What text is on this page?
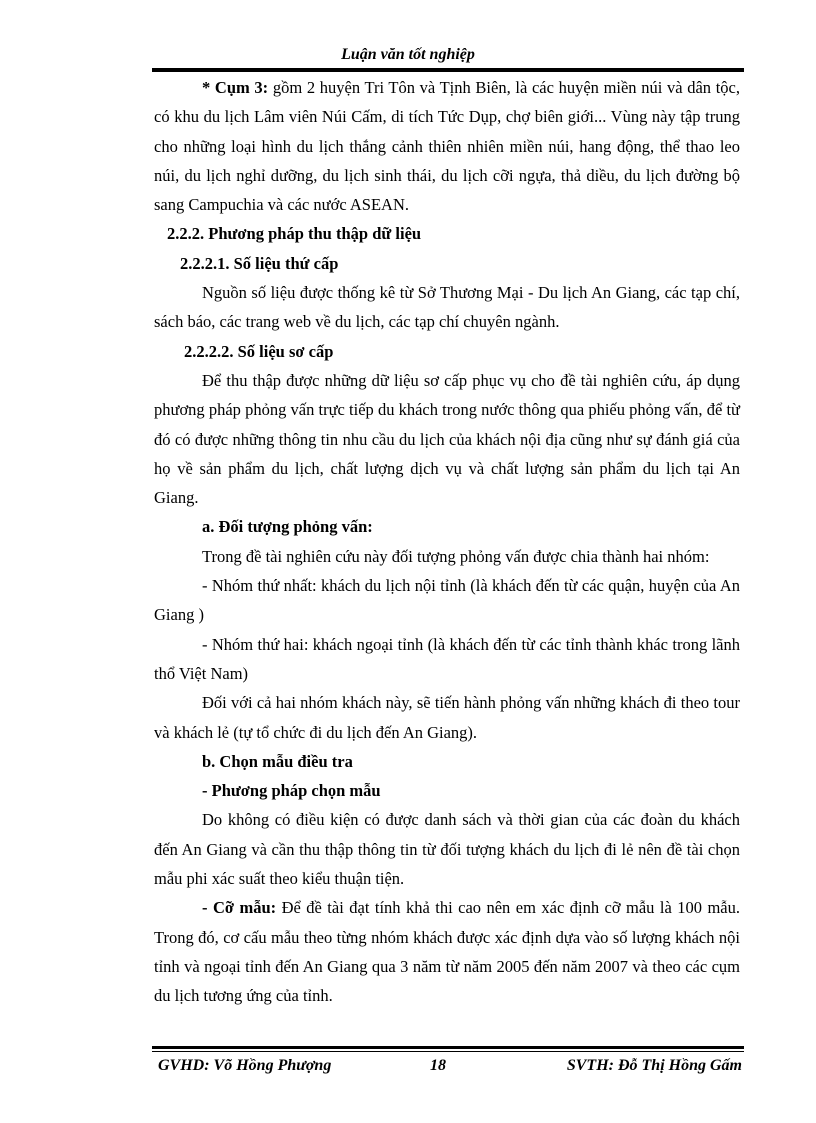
Luận văn tốt nghiệp

* Cụm 3: gồm 2 huyện Tri Tôn và Tịnh Biên, là các huyện miền núi và dân tộc, có khu du lịch Lâm viên Núi Cấm, di tích Tức Dụp, chợ biên giới... Vùng này tập trung cho những loại hình du lịch thắng cảnh thiên nhiên miền núi, hang động, thể thao leo núi, du lịch nghỉ dưỡng, du lịch sinh thái, du lịch cỡi ngựa, thả diều, du lịch đường bộ sang Campuchia và các nước ASEAN.

2.2.2. Phương pháp thu thập dữ liệu

2.2.2.1. Số liệu thứ cấp

Nguồn số liệu được thống kê từ Sở Thương Mại - Du lịch An Giang, các tạp chí, sách báo, các trang web về du lịch, các tạp chí chuyên ngành.

2.2.2.2. Số liệu sơ cấp

Để thu thập được những dữ liệu sơ cấp phục vụ cho đề tài nghiên cứu, áp dụng phương pháp phỏng vấn trực tiếp du khách trong nước thông qua phiếu phỏng vấn, để từ đó có được những thông tin nhu cầu du lịch của khách nội địa cũng như sự đánh giá của họ về sản phẩm du lịch, chất lượng dịch vụ và chất lượng sản phẩm du lịch tại An Giang.

a. Đối tượng phỏng vấn:

Trong đề tài nghiên cứu này đối tượng phỏng vấn được chia thành hai nhóm:

- Nhóm thứ nhất: khách du lịch nội tỉnh (là khách đến từ các quận, huyện của An Giang )

- Nhóm thứ hai: khách ngoại tỉnh (là khách đến từ các tỉnh thành khác trong lãnh thổ Việt Nam)

Đối với cả hai nhóm khách này, sẽ tiến hành phỏng vấn những khách đi theo tour và khách lẻ (tự tổ chức đi du lịch đến An Giang).

b. Chọn mẫu điều tra

- Phương pháp chọn mẫu

Do không có điều kiện có được danh sách và thời gian của các đoàn du khách đến An Giang và cần thu thập thông tin từ đối tượng khách du lịch đi lẻ nên đề tài chọn mẫu phi xác suất theo kiểu thuận tiện.

- Cỡ mẫu: Để đề tài đạt tính khả thi cao nên em xác định cỡ mẫu là 100 mẫu. Trong đó, cơ cấu mẫu theo từng nhóm khách được xác định dựa vào số lượng khách nội tỉnh và ngoại tỉnh đến An Giang qua 3 năm từ năm 2005 đến năm 2007 và theo các cụm du lịch tương ứng của tỉnh.

GVHD: Võ Hồng Phượng	18	SVTH: Đỗ Thị Hồng Gấm
